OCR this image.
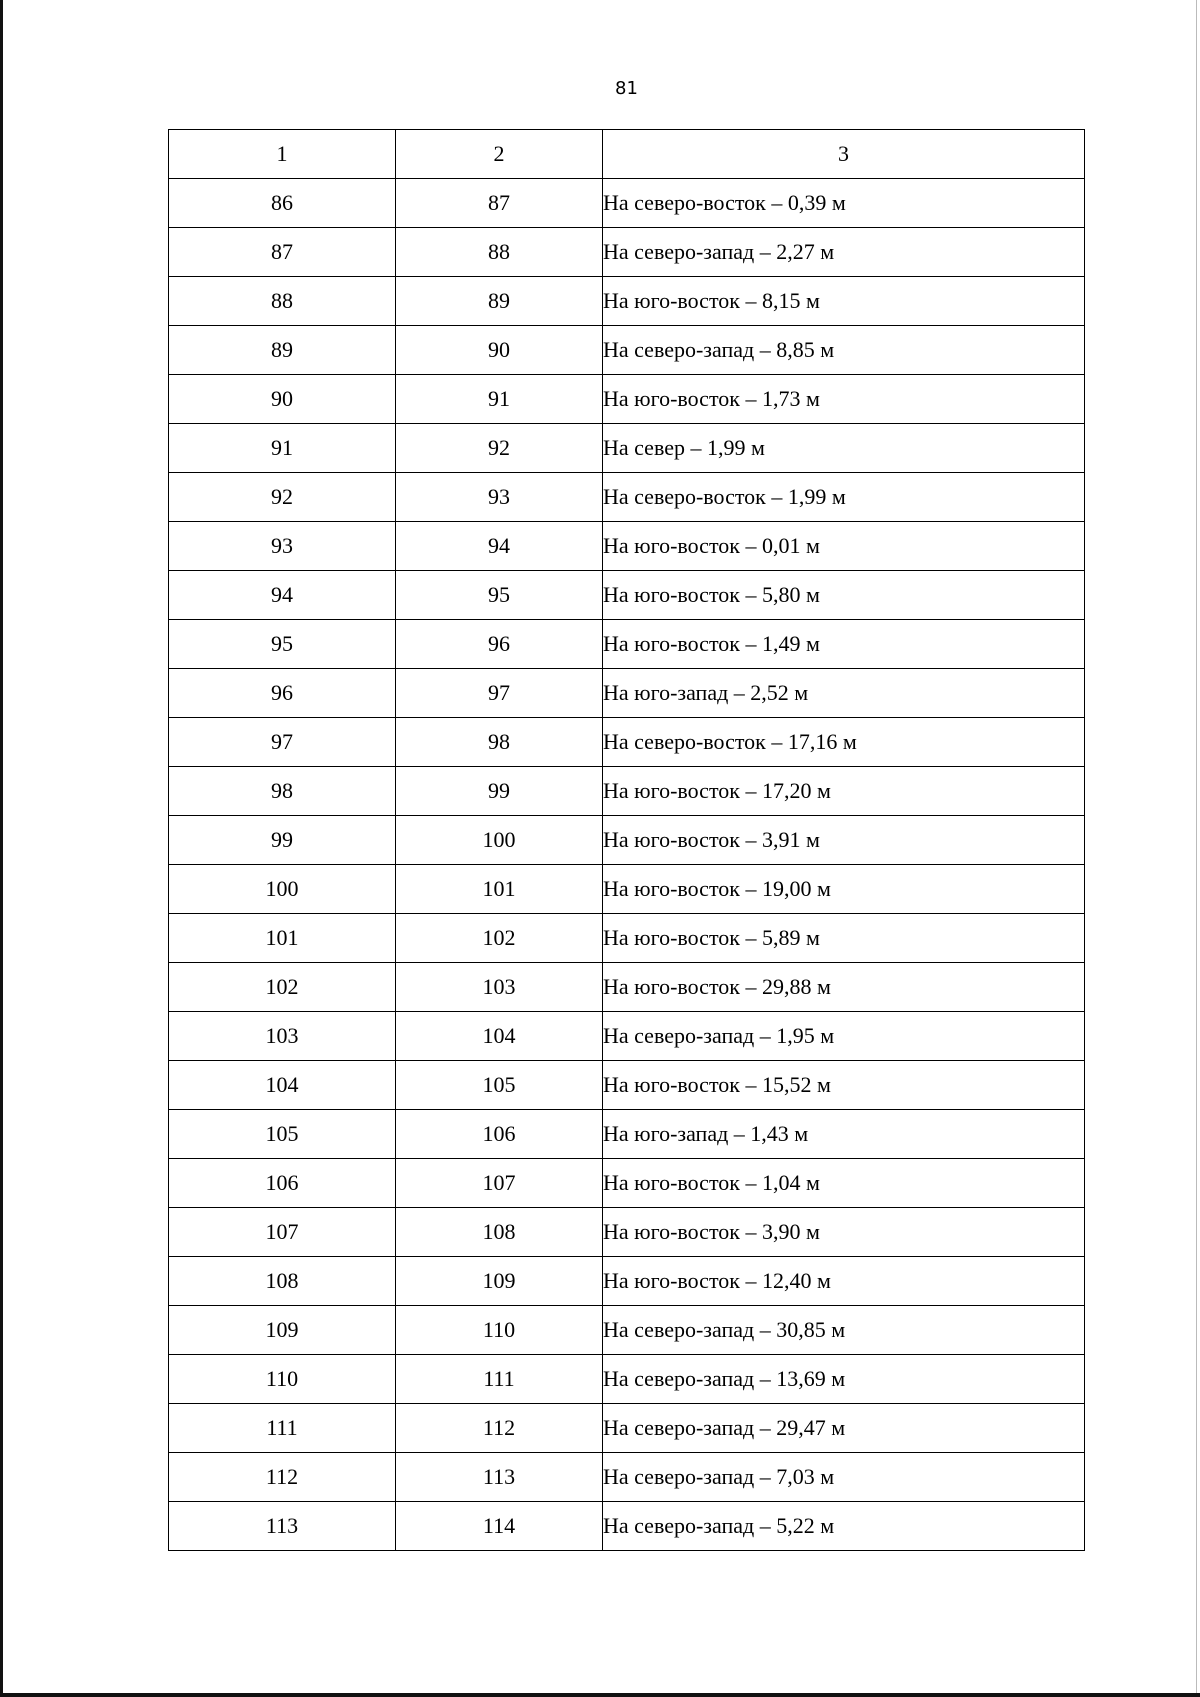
81
1	2	3
86	87	На северо-восток – 0,39 м
87	88	На северо-запад – 2,27 м
88	89	На юго-восток – 8,15 м
89	90	На северо-запад – 8,85 м
90	91	На юго-восток – 1,73 м
91	92	На север – 1,99 м
92	93	На северо-восток – 1,99 м
93	94	На юго-восток – 0,01 м
94	95	На юго-восток – 5,80 м
95	96	На юго-восток – 1,49 м
96	97	На юго-запад – 2,52 м
97	98	На северо-восток – 17,16 м
98	99	На юго-восток – 17,20 м
99	100	На юго-восток – 3,91 м
100	101	На юго-восток – 19,00 м
101	102	На юго-восток – 5,89 м
102	103	На юго-восток – 29,88 м
103	104	На северо-запад – 1,95 м
104	105	На юго-восток – 15,52 м
105	106	На юго-запад – 1,43 м
106	107	На юго-восток – 1,04 м
107	108	На юго-восток – 3,90 м
108	109	На юго-восток – 12,40 м
109	110	На северо-запад – 30,85 м
110	111	На северо-запад – 13,69 м
111	112	На северо-запад – 29,47 м
112	113	На северо-запад – 7,03 м
113	114	На северо-запад – 5,22 м
